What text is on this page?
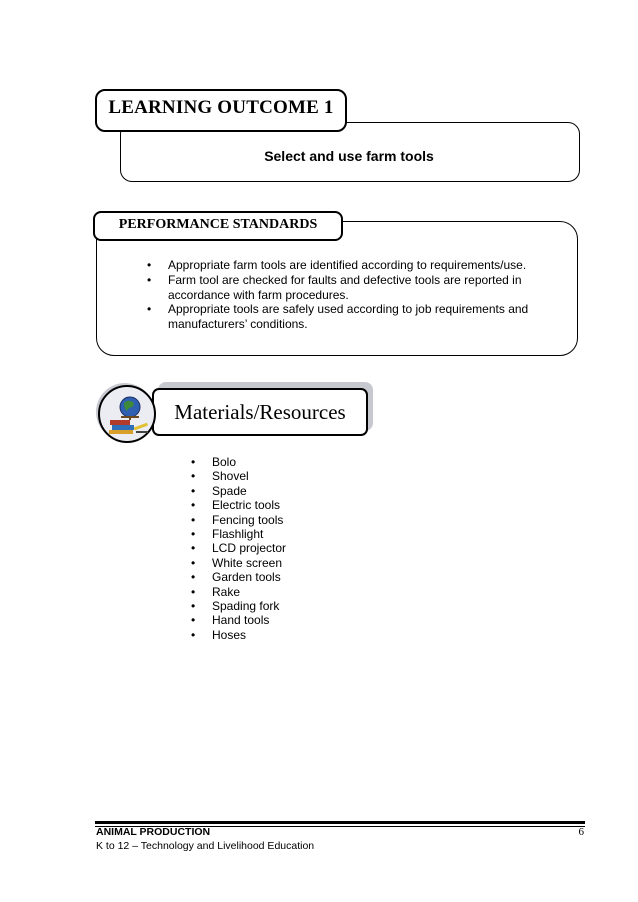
Select and use farm tools
LEARNING OUTCOME 1
PERFORMANCE STANDARDS
• Appropriate farm tools are identified according to requirements/use.
• Farm tool are checked for faults and defective tools are reported in accordance with farm procedures.
• Appropriate tools are safely used according to job requirements and manufacturers’ conditions.
Materials/Resources
• Bolo
• Shovel
• Spade
• Electric tools
• Fencing tools
• Flashlight
• LCD projector
• White screen
• Garden tools
• Rake
• Spading fork
• Hand tools
• Hoses
ANIMAL PRODUCTION
K to 12 – Technology and Livelihood Education
6
